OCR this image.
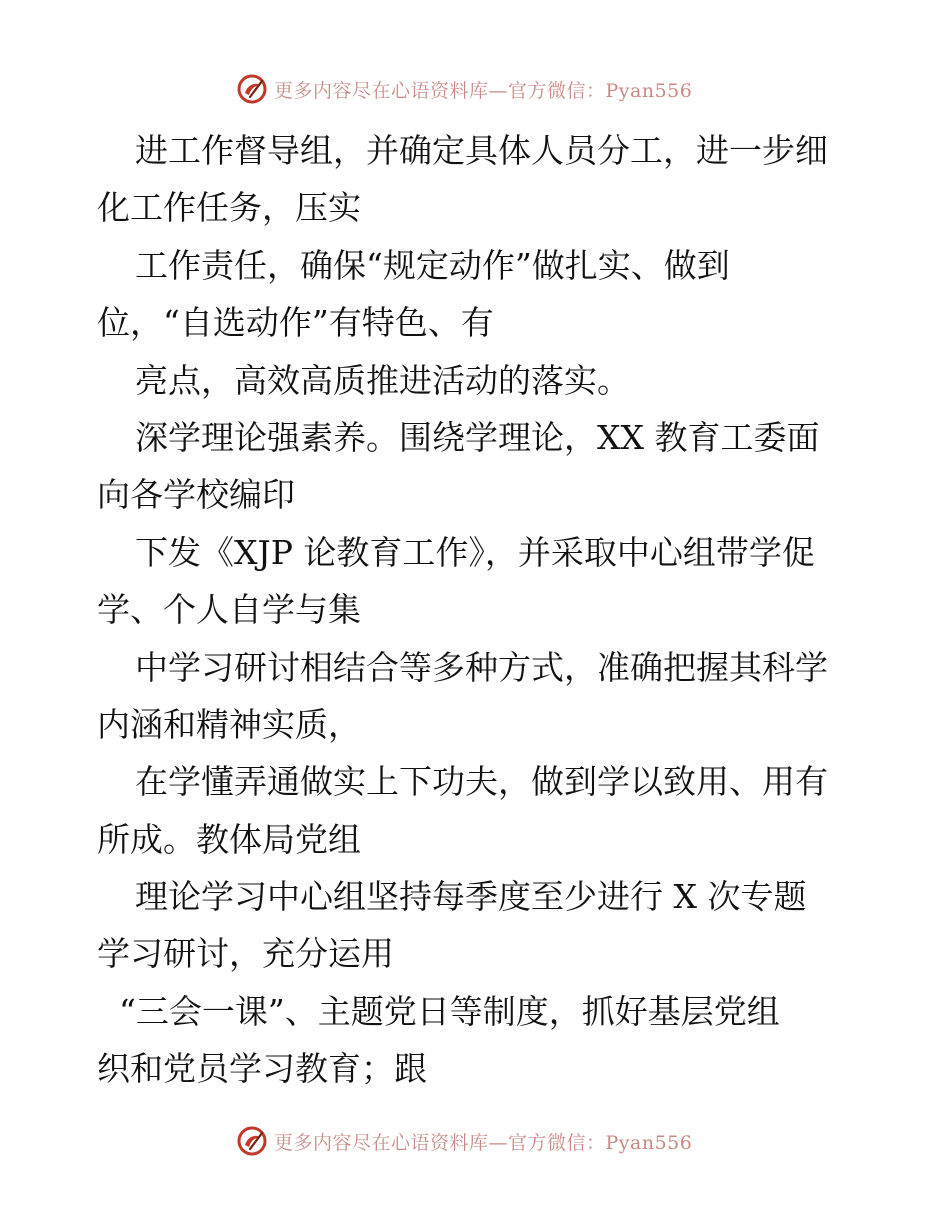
更多内容尽在心语资料库—官方微信：Pyan556
进工作督导组，并确定具体人员分工，进一步细
化工作任务，压实
工作责任，确保“规定动作”做扎实、做到
位，“自选动作”有特色、有
亮点，高效高质推进活动的落实。
深学理论强素养。围绕学理论，XX 教育工委面
向各学校编印
下发《XJP 论教育工作》，并采取中心组带学促
学、个人自学与集
中学习研讨相结合等多种方式，准确把握其科学
内涵和精神实质，
在学懂弄通做实上下功夫，做到学以致用、用有
所成。教体局党组
理论学习中心组坚持每季度至少进行 X 次专题
学习研讨，充分运用
“三会一课”、主题党日等制度，抓好基层党组
织和党员学习教育；跟
更多内容尽在心语资料库—官方微信：Pyan556
